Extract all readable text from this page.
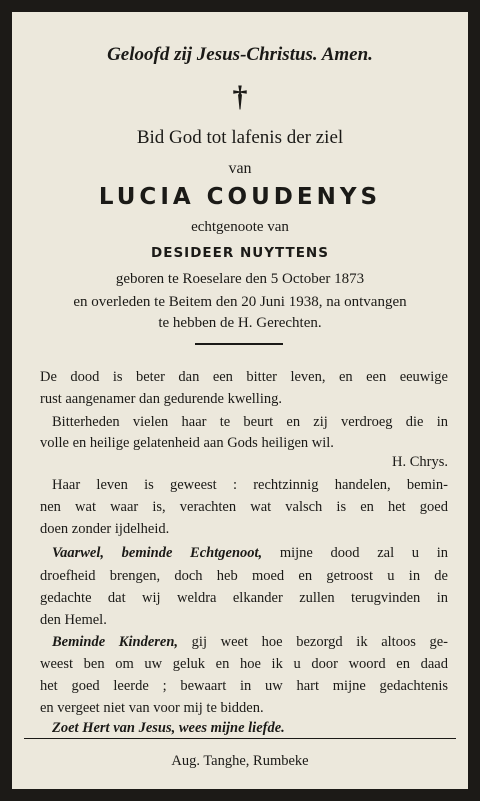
Geloofd zij Jesus-Christus. Amen.
†
Bid God tot lafenis der ziel
van
LUCIA COUDENYS
echtgenoote van
DESIDEER NUYTTENS
geboren te Roeselare den 5 October 1873
en overleden te Beitem den 20 Juni 1938, na ontvangen
te hebben de H. Gerechten.
De dood is beter dan een bitter leven, en een eeuwige
rust aangenamer dan gedurende kwelling.
Bitterheden vielen haar te beurt en zij verdroeg die in
volle en heilige gelatenheid aan Gods heiligen wil.
H. Chrys.
Haar leven is geweest : rechtzinnig handelen, bemin-
nen wat waar is, verachten wat valsch is en het goed
doen zonder ijdelheid.
Vaarwel, beminde Echtgenoot, mijne dood zal u in
droefheid brengen, doch heb moed en getroost u in de
gedachte dat wij weldra elkander zullen terugvinden in
den Hemel.
Beminde Kinderen, gij weet hoe bezorgd ik altoos ge-
weest ben om uw geluk en hoe ik u door woord en daad
het goed leerde ; bewaart in uw hart mijne gedachtenis
en vergeet niet van voor mij te bidden.
Zoet Hert van Jesus, wees mijne liefde.
Aug. Tanghe, Rumbeke
